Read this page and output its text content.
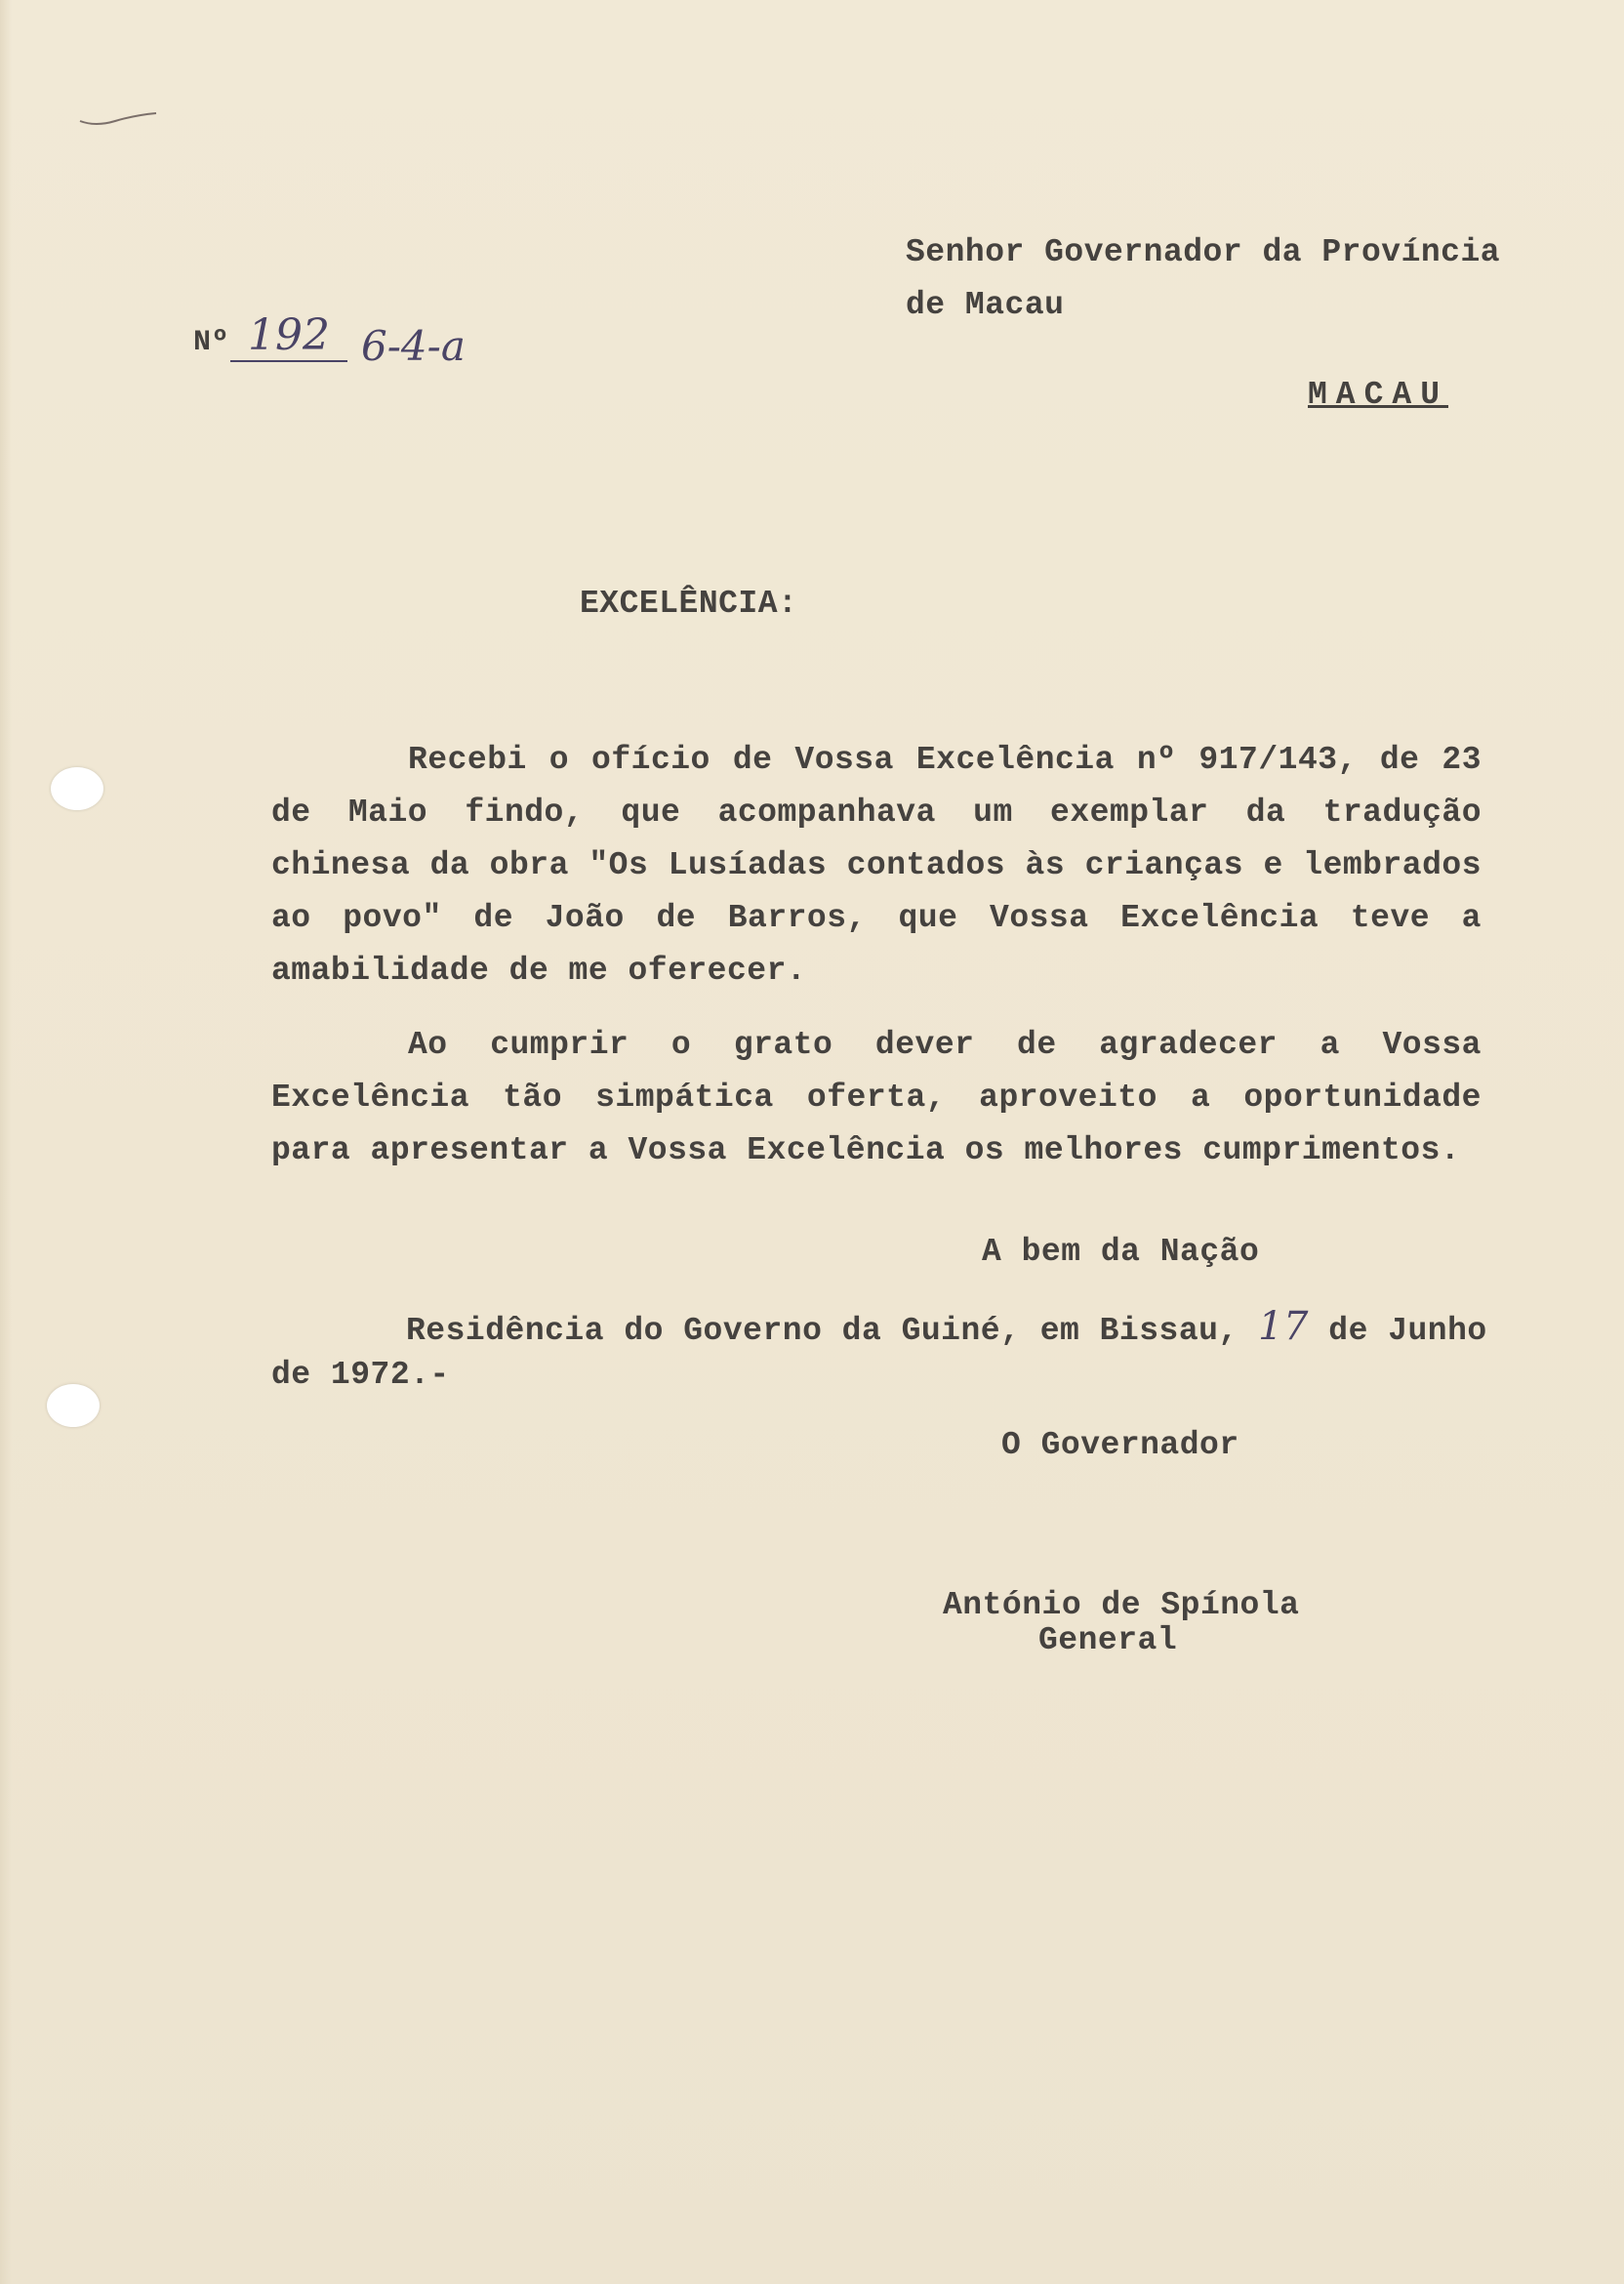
Senhor Governador da Província
de Macau
MACAU
Nº 192 6-4-a
EXCELÊNCIA:
Recebi o ofício de Vossa Excelência nº 917/143, de 23 de Maio findo, que acompanhava um exemplar da tradução chinesa da obra "Os Lusíadas contados às crianças e lembrados ao povo" de João de Barros, que Vossa Excelência teve a amabilidade de me oferecer.
Ao cumprir o grato dever de agradecer a Vossa Excelência tão simpática oferta, aproveito a oportunidade para apresentar a Vossa Excelência os melhores cumprimentos.
A bem da Nação
Residência do Governo da Guiné, em Bissau, 17 de Junho
de 1972.-
O Governador
António de Spínola
General
